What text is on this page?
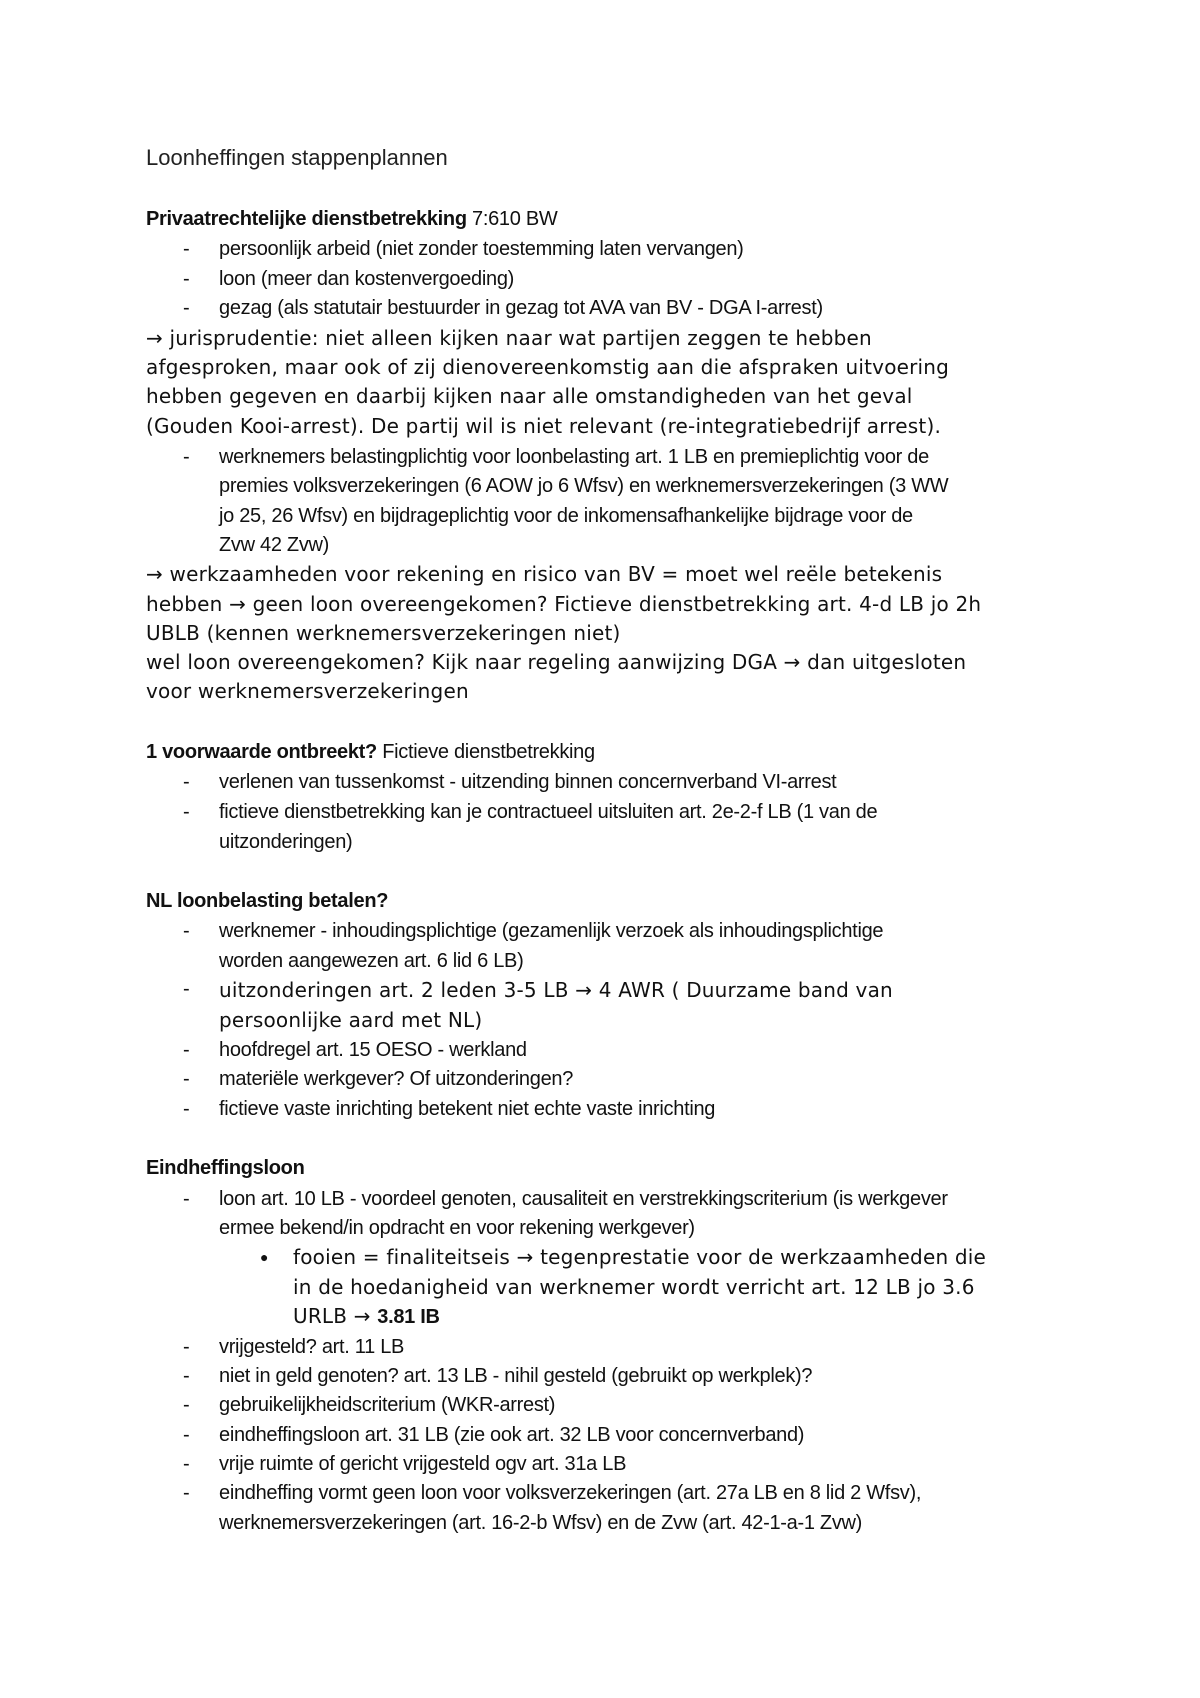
Loonheffingen stappenplannen
Privaatrechtelijke dienstbetrekking 7:610 BW
- persoonlijk arbeid (niet zonder toestemming laten vervangen)
- loon (meer dan kostenvergoeding)
- gezag (als statutair bestuurder in gezag tot AVA van BV - DGA I-arrest)
→ jurisprudentie: niet alleen kijken naar wat partijen zeggen te hebben
afgesproken, maar ook of zij dienovereenkomstig aan die afspraken uitvoering
hebben gegeven en daarbij kijken naar alle omstandigheden van het geval
(Gouden Kooi-arrest). De partij wil is niet relevant (re-integratiebedrijf arrest).
- werknemers belastingplichtig voor loonbelasting art. 1 LB en premieplichtig voor de
premies volksverzekeringen (6 AOW jo 6 Wfsv) en werknemersverzekeringen (3 WW
jo 25, 26 Wfsv) en bijdrageplichtig voor de inkomensafhankelijke bijdrage voor de
Zvw 42 Zvw)
→ werkzaamheden voor rekening en risico van BV = moet wel reële betekenis
hebben → geen loon overeengekomen? Fictieve dienstbetrekking art. 4-d LB jo 2h
UBLB (kennen werknemersverzekeringen niet)
wel loon overeengekomen? Kijk naar regeling aanwijzing DGA → dan uitgesloten
voor werknemersverzekeringen
1 voorwaarde ontbreekt? Fictieve dienstbetrekking
- verlenen van tussenkomst - uitzending binnen concernverband VI-arrest
- fictieve dienstbetrekking kan je contractueel uitsluiten art. 2e-2-f LB (1 van de
uitzonderingen)
NL loonbelasting betalen?
- werknemer - inhoudingsplichtige (gezamenlijk verzoek als inhoudingsplichtige
worden aangewezen art. 6 lid 6 LB)
- uitzonderingen art. 2 leden 3-5 LB → 4 AWR ( Duurzame band van
persoonlijke aard met NL)
- hoofdregel art. 15 OESO - werkland
- materiële werkgever? Of uitzonderingen?
- fictieve vaste inrichting betekent niet echte vaste inrichting
Eindheffingsloon
- loon art. 10 LB - voordeel genoten, causaliteit en verstrekkingscriterium (is werkgever
ermee bekend/in opdracht en voor rekening werkgever)
● fooien = finaliteitseis → tegenprestatie voor de werkzaamheden die
in de hoedanigheid van werknemer wordt verricht art. 12 LB jo 3.6
URLB → 3.81 IB
- vrijgesteld? art. 11 LB
- niet in geld genoten? art. 13 LB - nihil gesteld (gebruikt op werkplek)?
- gebruikelijkheidscriterium (WKR-arrest)
- eindheffingsloon art. 31 LB (zie ook art. 32 LB voor concernverband)
- vrije ruimte of gericht vrijgesteld ogv art. 31a LB
- eindheffing vormt geen loon voor volksverzekeringen (art. 27a LB en 8 lid 2 Wfsv),
werknemersverzekeringen (art. 16-2-b Wfsv) en de Zvw (art. 42-1-a-1 Zvw)
